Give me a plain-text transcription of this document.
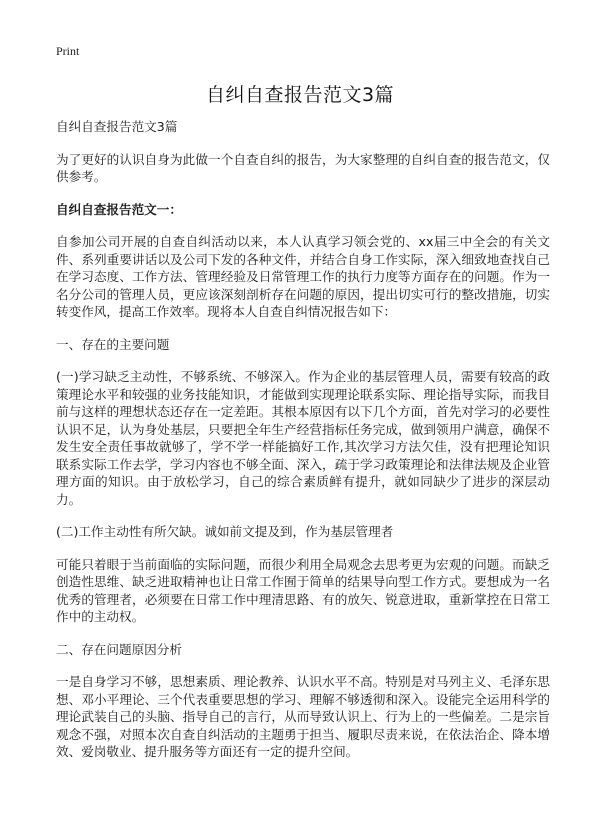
Print
自纠自查报告范文3篇

自纠自查报告范文3篇

为了更好的认识自身为此做一个自查自纠的报告，为大家整理的自纠自查的报告范文，仅供参考。

自纠自查报告范文一：

自参加公司开展的自查自纠活动以来，本人认真学习领会党的、xx届三中全会的有关文件、系列重要讲话以及公司下发的各种文件，并结合自身工作实际，深入细致地查找自己在学习态度、工作方法、管理经验及日常管理工作的执行力度等方面存在的问题。作为一名分公司的管理人员，更应该深刻剖析存在问题的原因，提出切实可行的整改措施，切实转变作风，提高工作效率。现将本人自查自纠情况报告如下：

一、存在的主要问题

(一)学习缺乏主动性，不够系统、不够深入。作为企业的基层管理人员，需要有较高的政策理论水平和较强的业务技能知识，才能做到实现理论联系实际、理论指导实际，而我目前与这样的理想状态还存在一定差距。其根本原因有以下几个方面，首先对学习的必要性认识不足，认为身处基层，只要把全年生产经营指标任务完成，做到领用户满意，确保不发生安全责任事故就够了，学不学一样能搞好工作,其次学习方法欠佳，没有把理论知识联系实际工作去学，学习内容也不够全面、深入，疏于学习政策理论和法律法规及企业管理方面的知识。由于放松学习，自己的综合素质鲜有提升，就如同缺少了进步的深层动力。

(二)工作主动性有所欠缺。诚如前文提及到，作为基层管理者

可能只着眼于当前面临的实际问题，而很少利用全局观念去思考更为宏观的问题。而缺乏创造性思维、缺乏进取精神也让日常工作囿于简单的结果导向型工作方式。要想成为一名优秀的管理者，必须要在日常工作中理清思路、有的放矢、锐意进取，重新掌控在日常工作中的主动权。

二、存在问题原因分析

一是自身学习不够，思想素质、理论教养、认识水平不高。特别是对马列主义、毛泽东思想、邓小平理论、三个代表重要思想的学习、理解不够透彻和深入。设能完全运用科学的理论武装自己的头脑、指导自己的言行，从而导致认识上、行为上的一些偏差。二是宗旨观念不强，对照本次自查自纠活动的主题勇于担当、履职尽责来说，在依法治企、降本增效、爱岗敬业、提升服务等方面还有一定的提升空间。
